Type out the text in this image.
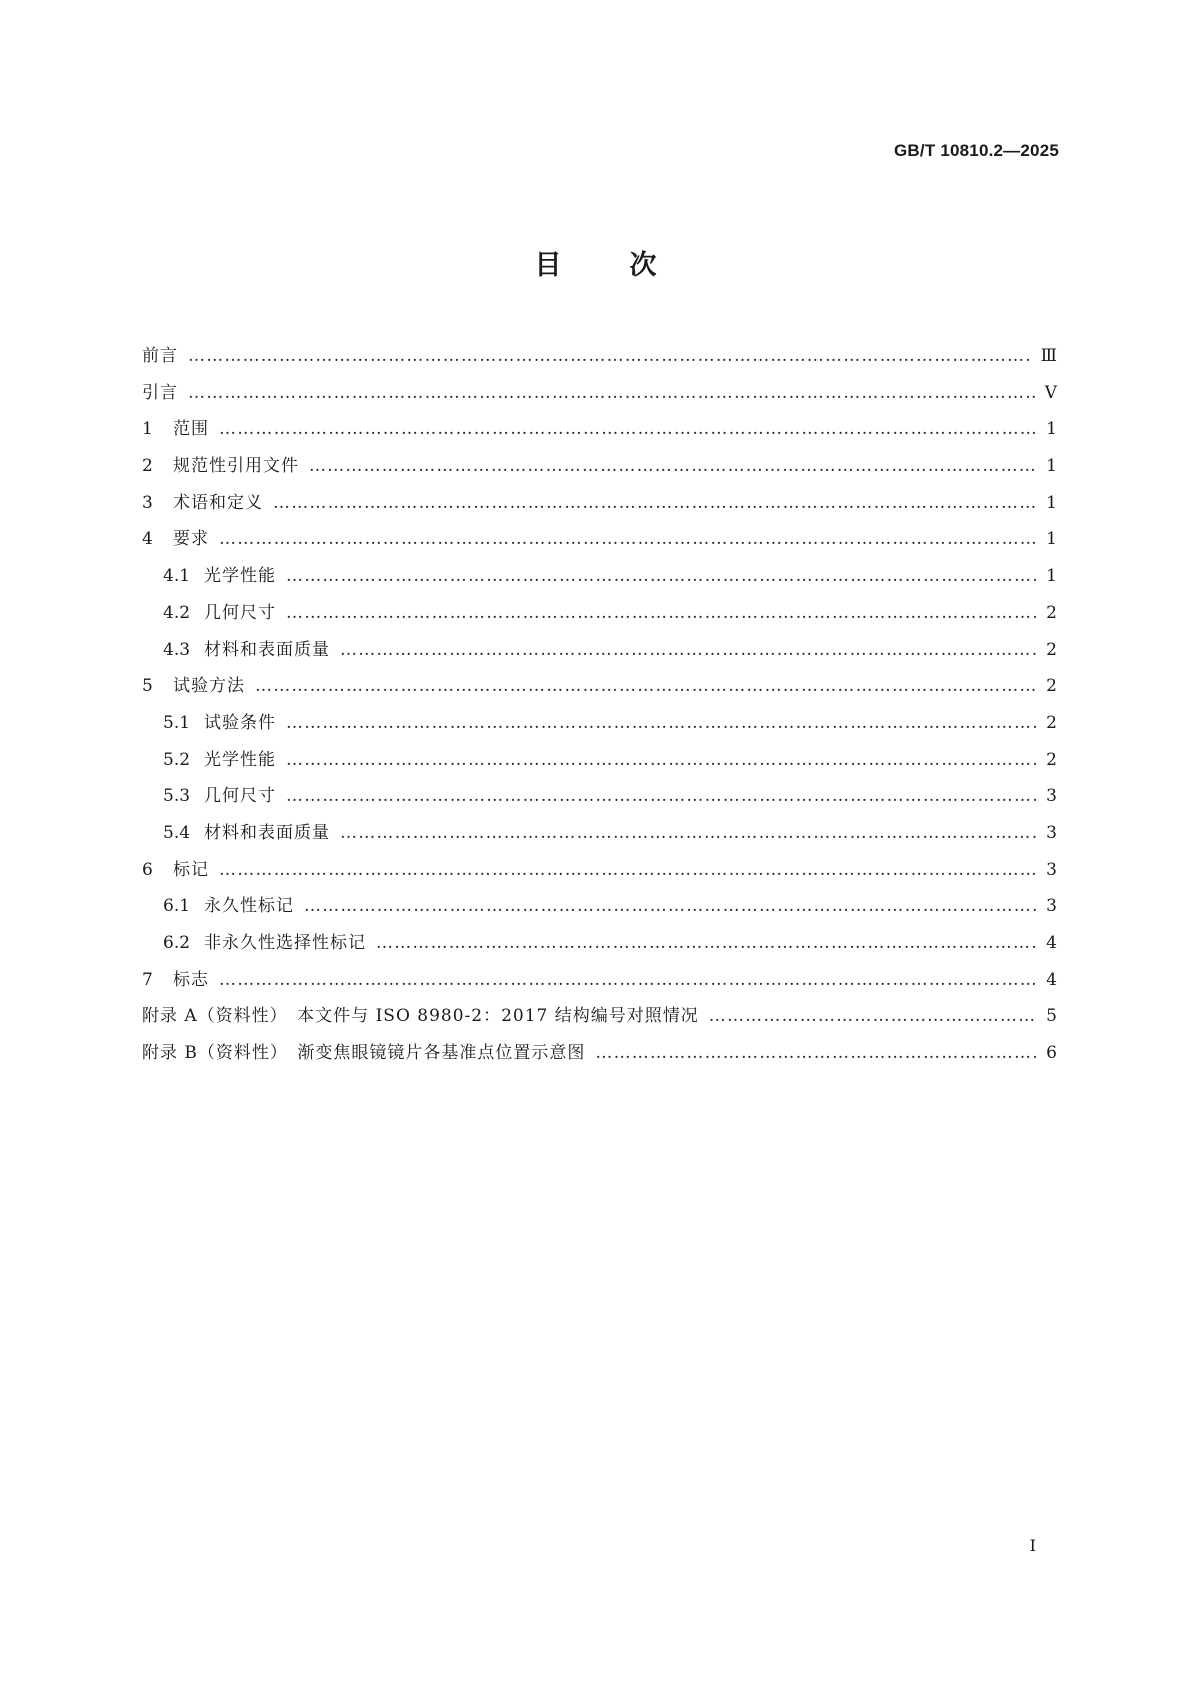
GB/T 10810.2—2025
目	次
前言 …………………………………………………………………………………………………………………………………………………………………………………………………………	Ⅲ
引言 …………………………………………………………………………………………………………………………………………………………………………………………………………	Ⅴ
1	范围 …………………………………………………………………………………………………………………………………………………………………………………………………………	1
2	规范性引用文件 …………………………………………………………………………………………………………………………………………………………………………………………………………	1
3	术语和定义 …………………………………………………………………………………………………………………………………………………………………………………………………………	1
4	要求 …………………………………………………………………………………………………………………………………………………………………………………………………………	1
4.1 光学性能 …………………………………………………………………………………………………………………………………………………………………………………………………………	1
4.2 几何尺寸 …………………………………………………………………………………………………………………………………………………………………………………………………………	2
4.3 材料和表面质量 …………………………………………………………………………………………………………………………………………………………………………………………………………	2
5	试验方法 …………………………………………………………………………………………………………………………………………………………………………………………………………	2
5.1 试验条件 …………………………………………………………………………………………………………………………………………………………………………………………………………	2
5.2 光学性能 …………………………………………………………………………………………………………………………………………………………………………………………………………	2
5.3 几何尺寸 …………………………………………………………………………………………………………………………………………………………………………………………………………	3
5.4 材料和表面质量 …………………………………………………………………………………………………………………………………………………………………………………………………………	3
6	标记 …………………………………………………………………………………………………………………………………………………………………………………………………………	3
6.1 永久性标记 …………………………………………………………………………………………………………………………………………………………………………………………………………	3
6.2 非永久性选择性标记 …………………………………………………………………………………………………………………………………………………………………………………………………………	4
7	标志 …………………………………………………………………………………………………………………………………………………………………………………………………………	4
附录 A（资料性）　本文件与 ISO 8980-2：2017 结构编号对照情况 …………………………………………………………………………………………………………………………………………………………………………………………………………	5
附录 B（资料性）　渐变焦眼镜镜片各基准点位置示意图 …………………………………………………………………………………………………………………………………………………………………………………………………………	6
I
